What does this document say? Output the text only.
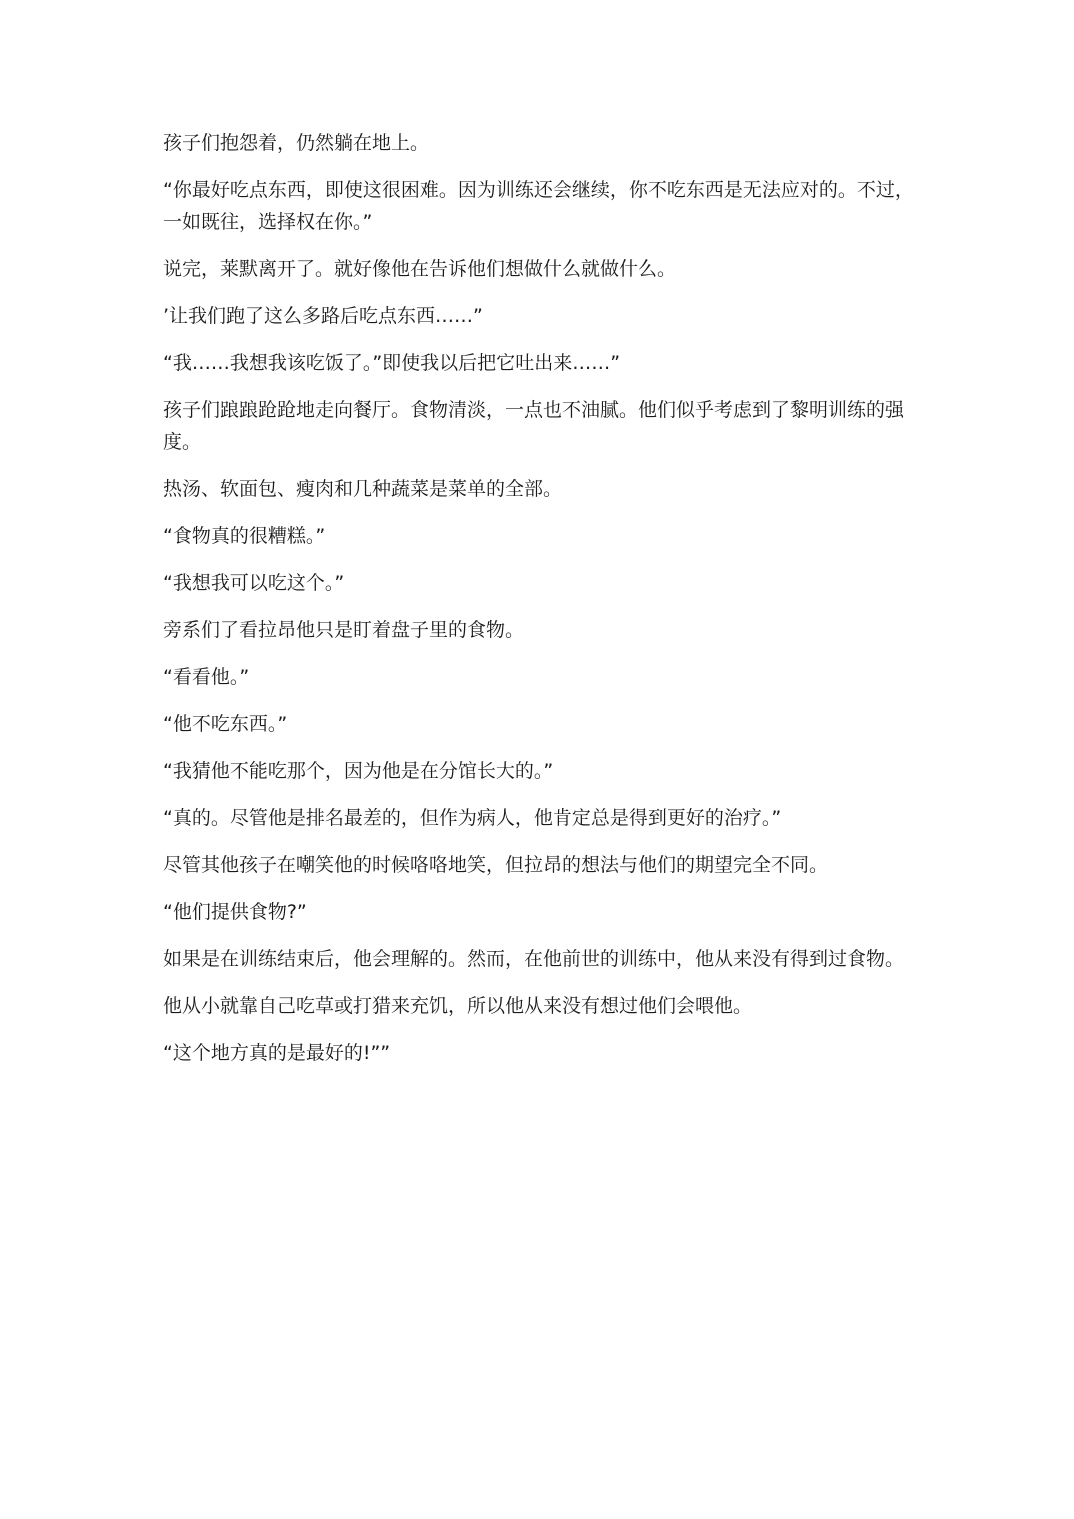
孩子们抱怨着，仍然躺在地上。

“你最好吃点东西，即使这很困难。因为训练还会继续，你不吃东西是无法应对的。不过，一如既往，选择权在你。”

说完，莱默离开了。就好像他在告诉他们想做什么就做什么。

’让我们跑了这么多路后吃点东西……”

“我……我想我该吃饭了。”即使我以后把它吐出来……”

孩子们踉踉跄跄地走向餐厅。食物清淡，一点也不油腻。他们似乎考虑到了黎明训练的强度。

热汤、软面包、瘦肉和几种蔬菜是菜单的全部。

“食物真的很糟糕。”

“我想我可以吃这个。”

旁系们了看拉昂他只是盯着盘子里的食物。

“看看他。”

“他不吃东西。”

“我猜他不能吃那个，因为他是在分馆长大的。”

“真的。尽管他是排名最差的，但作为病人，他肯定总是得到更好的治疗。”

尽管其他孩子在嘲笑他的时候咯咯地笑，但拉昂的想法与他们的期望完全不同。

“他们提供食物?”

如果是在训练结束后，他会理解的。然而，在他前世的训练中，他从来没有得到过食物。

他从小就靠自己吃草或打猎来充饥，所以他从来没有想过他们会喂他。

“这个地方真的是最好的!””
